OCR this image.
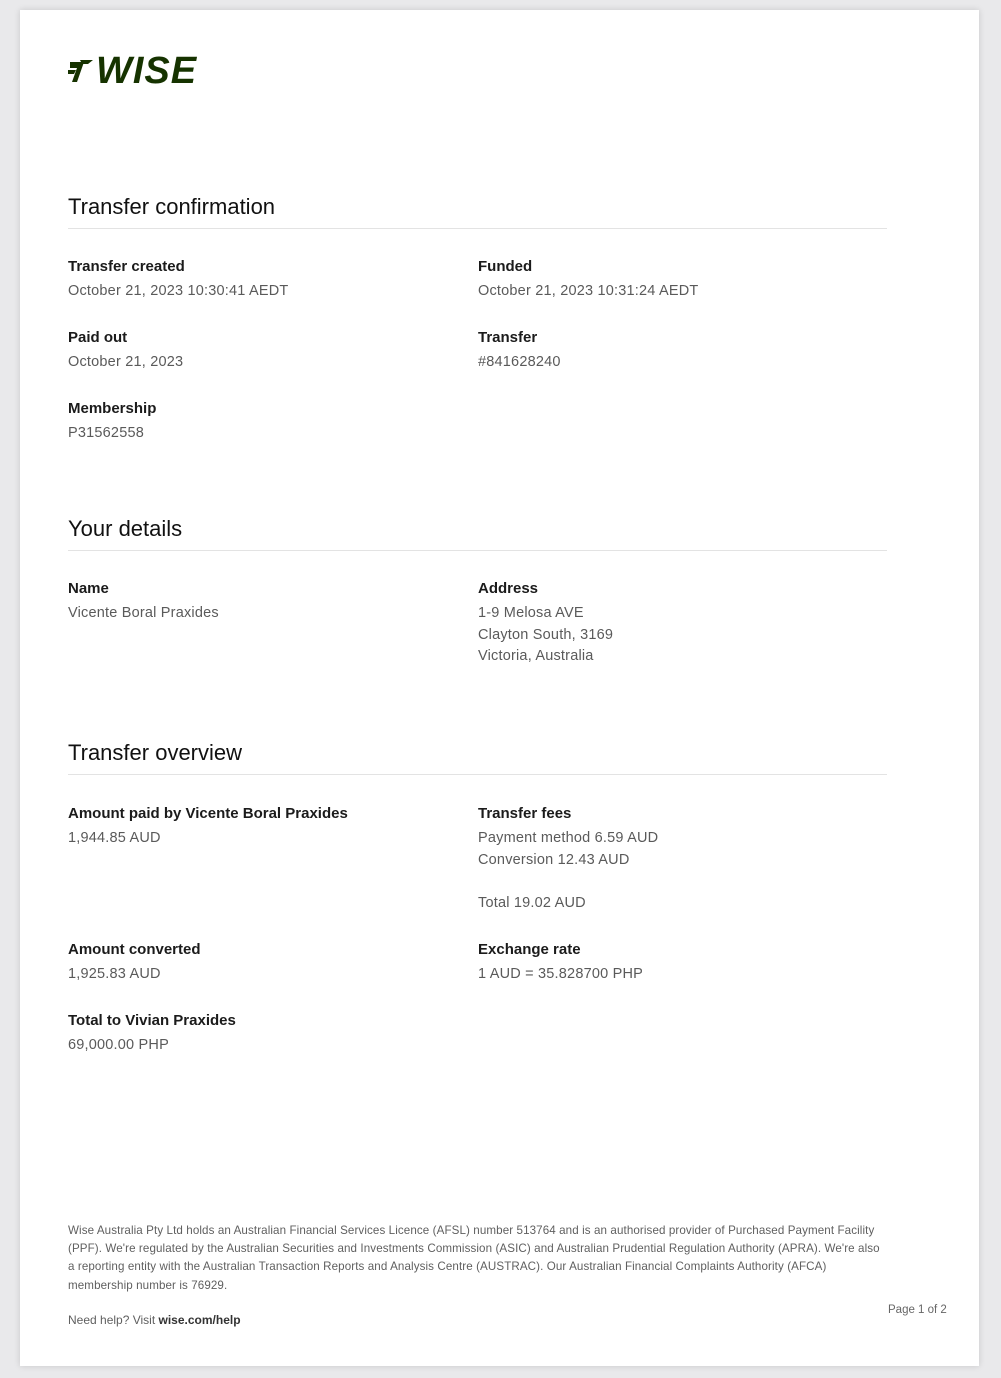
WISE
Transfer confirmation

Transfer created

October 21, 2023 10:30:41 AEDT

Funded

October 21, 2023 10:31:24 AEDT

Paid out

October 21, 2023

Transfer

#841628240

Membership

P31562558

Your details

Name

Vicente Boral Praxides

Address

1-9 Melosa AVE

Clayton South, 3169

Victoria, Australia

Transfer overview

Amount paid by Vicente Boral Praxides

1,944.85 AUD

Transfer fees

Payment method 6.59 AUD

Conversion 12.43 AUD

Total 19.02 AUD

Amount converted

1,925.83 AUD

Exchange rate

1 AUD = 35.828700 PHP

Total to Vivian Praxides

69,000.00 PHP

Wise Australia Pty Ltd holds an Australian Financial Services Licence (AFSL) number 513764 and is an authorised provider of Purchased Payment Facility (PPF). We're regulated by the Australian Securities and Investments Commission (ASIC) and Australian Prudential Regulation Authority (APRA). We're also a reporting entity with the Australian Transaction Reports and Analysis Centre (AUSTRAC). Our Australian Financial Complaints Authority (AFCA) membership number is 76929.
Need help? Visit wise.com/help
Page 1 of 2
